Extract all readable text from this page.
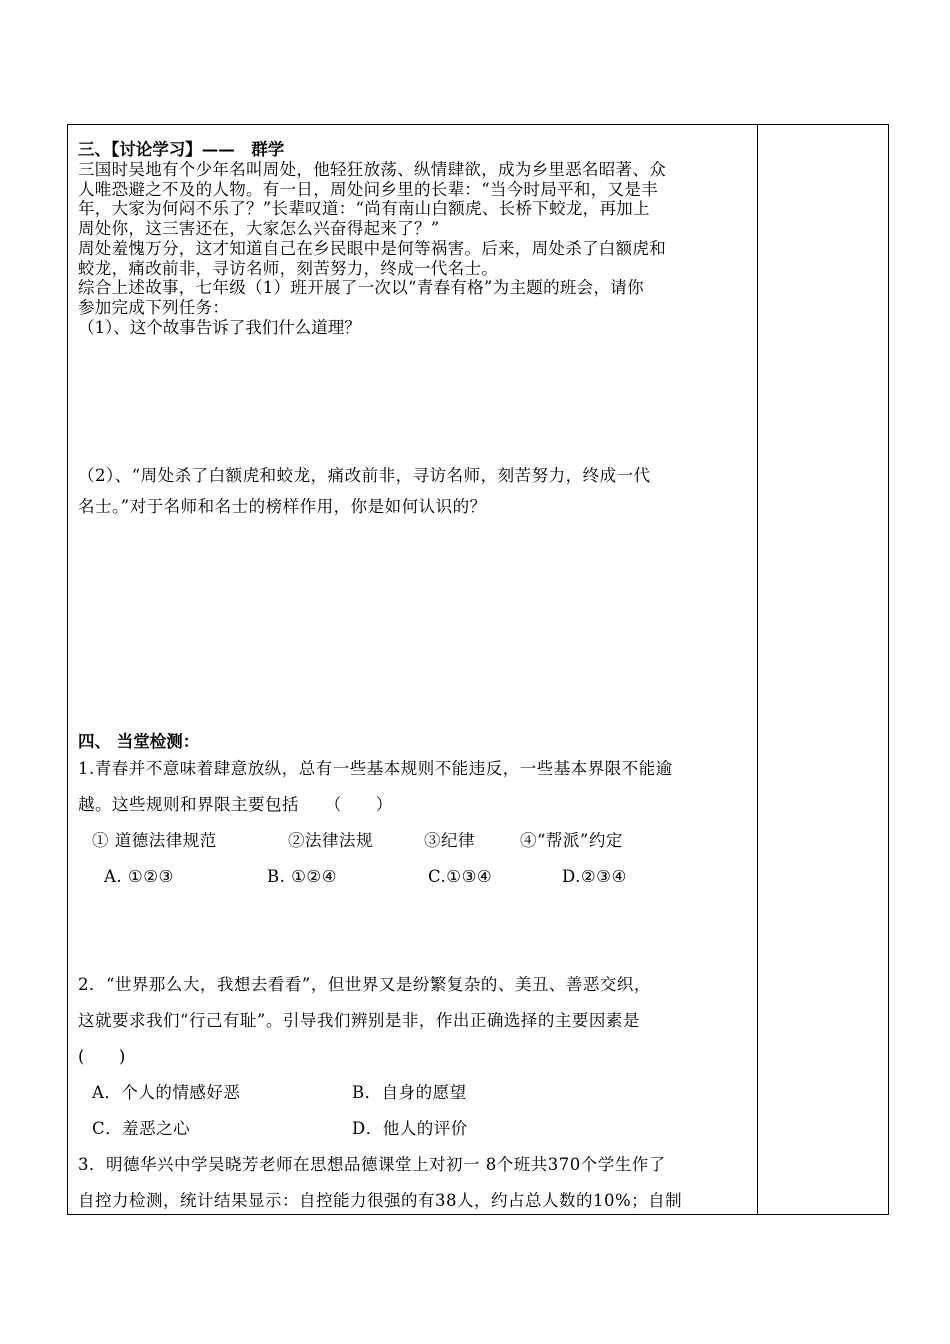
三、【讨论学习】——　群学
三国时吴地有个少年名叫周处，他轻狂放荡、纵情肆欲，成为乡里恶名昭著、众
人唯恐避之不及的人物。有一日，周处问乡里的长辈：“当今时局平和，又是丰
年，大家为何闷不乐了？”长辈叹道：“尚有南山白额虎、长桥下蛟龙，再加上
周处你，这三害还在，大家怎么兴奋得起来了？”
周处羞愧万分，这才知道自己在乡民眼中是何等祸害。后来，周处杀了白额虎和
蛟龙，痛改前非，寻访名师，刻苦努力，终成一代名士。
综合上述故事，七年级（1）班开展了一次以“青春有格”为主题的班会，请你
参加完成下列任务：
（1）、这个故事告诉了我们什么道理？
（2）、“周处杀了白额虎和蛟龙，痛改前非，寻访名师，刻苦努力，终成一代
名士。”对于名师和名士的榜样作用，你是如何认识的？
四、 当堂检测：
1.青春并不意味着肆意放纵，总有一些基本规则不能违反，一些基本界限不能逾
越。这些规则和界限主要包括　　（　　）
① 道德法律规范	②法律法规	③纪律	④“帮派”约定
A. ①②③	B. ①②④	C.①③④	D.②③④
2．“世界那么大，我想去看看”，但世界又是纷繁复杂的、美丑、善恶交织，
这就要求我们“行己有耻”。引导我们辨别是非，作出正确选择的主要因素是
(　　)
A．个人的情感好恶	B．自身的愿望
C．羞恶之心	D．他人的评价
3．明德华兴中学吴晓芳老师在思想品德课堂上对初一 8个班共370个学生作了
自控力检测，统计结果显示：自控能力很强的有38人，约占总人数的10%；自制
